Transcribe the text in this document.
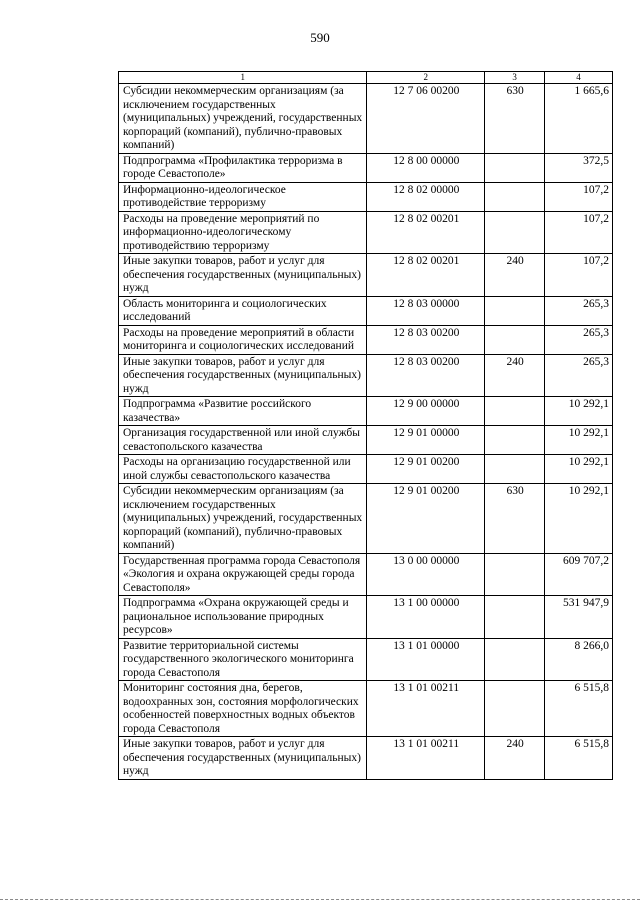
590
1	2	3	4
Субсидии некоммерческим организациям (за исключением государственных (муниципальных) учреждений, государственных корпораций (компаний), публично-правовых компаний)	12 7 06 00200	630	1 665,6
Подпрограмма «Профилактика терроризма в городе Севастополе»	12 8 00 00000		372,5
Информационно-идеологическое противодействие терроризму	12 8 02 00000		107,2
Расходы на проведение мероприятий по информационно-идеологическому противодействию терроризму	12 8 02 00201		107,2
Иные закупки товаров, работ и услуг для обеспечения государственных (муниципальных) нужд	12 8 02 00201	240	107,2
Область мониторинга и социологических исследований	12 8 03 00000		265,3
Расходы на проведение мероприятий в области мониторинга и социологических исследований	12 8 03 00200		265,3
Иные закупки товаров, работ и услуг для обеспечения государственных (муниципальных) нужд	12 8 03 00200	240	265,3
Подпрограмма «Развитие российского казачества»	12 9 00 00000		10 292,1
Организация государственной или иной службы севастопольского казачества	12 9 01 00000		10 292,1
Расходы на организацию государственной или иной службы севастопольского казачества	12 9 01 00200		10 292,1
Субсидии некоммерческим организациям (за исключением государственных (муниципальных) учреждений, государственных корпораций (компаний), публично-правовых компаний)	12 9 01 00200	630	10 292,1
Государственная программа города Севастополя «Экология и охрана окружающей среды города Севастополя»	13 0 00 00000		609 707,2
Подпрограмма «Охрана окружающей среды и рациональное использование природных ресурсов»	13 1 00 00000		531 947,9
Развитие территориальной системы государственного экологического мониторинга города Севастополя	13 1 01 00000		8 266,0
Мониторинг состояния дна, берегов, водоохранных зон, состояния морфологических особенностей поверхностных водных объектов города Севастополя	13 1 01 00211		6 515,8
Иные закупки товаров, работ и услуг для обеспечения государственных (муниципальных) нужд	13 1 01 00211	240	6 515,8
